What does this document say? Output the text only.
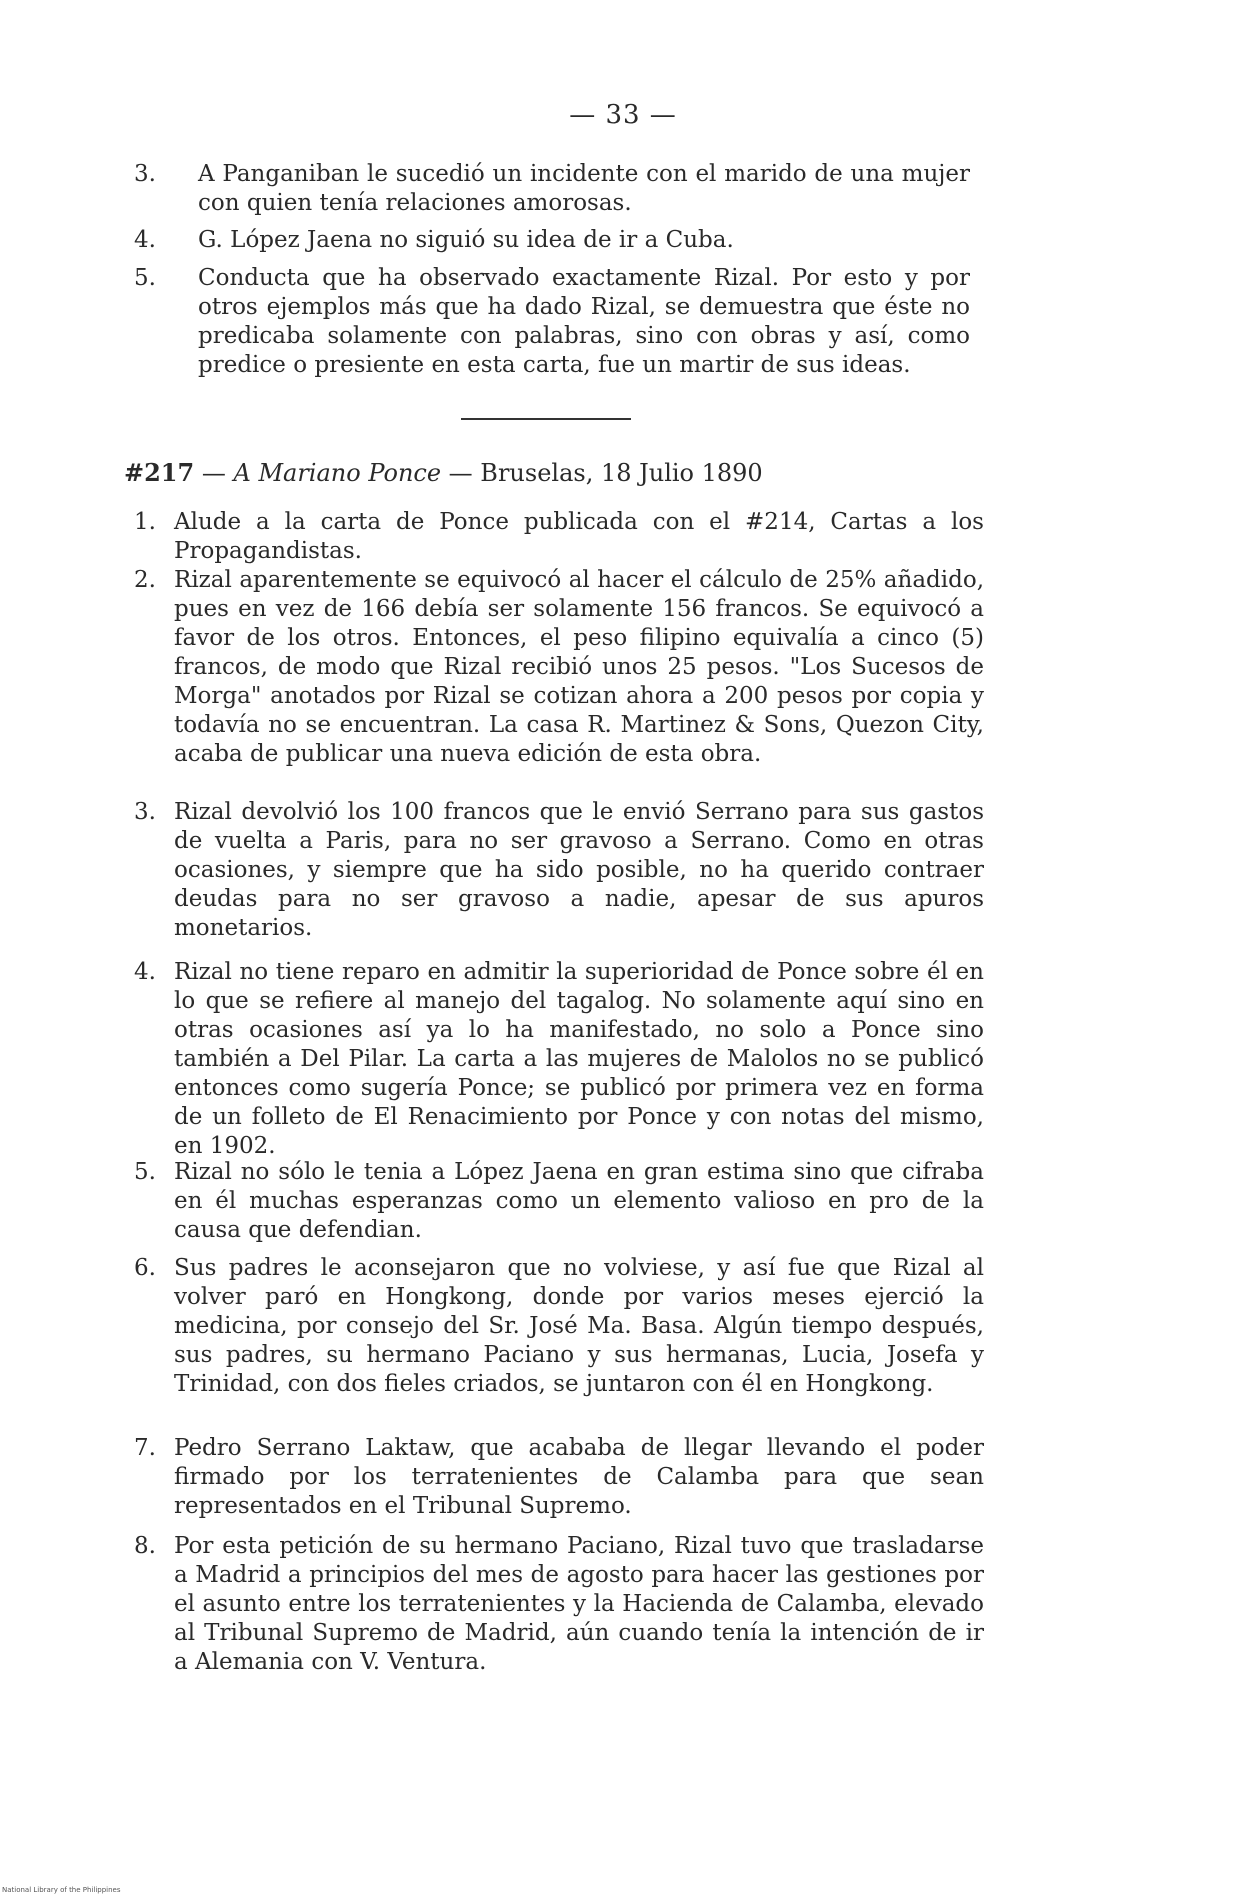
— 33 —
3. A Panganiban le sucedió un incidente con el marido de una mujer con quien tenía relaciones amorosas.
4. G. López Jaena no siguió su idea de ir a Cuba.
5. Conducta que ha observado exactamente Rizal. Por esto y por otros ejemplos más que ha dado Rizal, se demuestra que éste no predicaba solamente con palabras, sino con obras y así, como predice o presiente en esta carta, fue un martir de sus ideas.
#217 — A Mariano Ponce — Bruselas, 18 Julio 1890
1. Alude a la carta de Ponce publicada con el #214, Cartas a los Propagandistas.
2. Rizal aparentemente se equivocó al hacer el cálculo de 25% añadido, pues en vez de 166 debía ser solamente 156 francos. Se equivocó a favor de los otros. Entonces, el peso filipino equivalía a cinco (5) francos, de modo que Rizal recibió unos 25 pesos. "Los Sucesos de Morga" anotados por Rizal se cotizan ahora a 200 pesos por copia y todavía no se encuentran. La casa R. Martinez & Sons, Quezon City, acaba de publicar una nueva edición de esta obra.
3. Rizal devolvió los 100 francos que le envió Serrano para sus gastos de vuelta a Paris, para no ser gravoso a Serrano. Como en otras ocasiones, y siempre que ha sido posible, no ha querido contraer deudas para no ser gravoso a nadie, apesar de sus apuros monetarios.
4. Rizal no tiene reparo en admitir la superioridad de Ponce sobre él en lo que se refiere al manejo del tagalog. No solamente aquí sino en otras ocasiones así ya lo ha manifestado, no solo a Ponce sino también a Del Pilar. La carta a las mujeres de Malolos no se publicó entonces como sugería Ponce; se publicó por primera vez en forma de un folleto de El Renacimiento por Ponce y con notas del mismo, en 1902.
5. Rizal no sólo le tenia a López Jaena en gran estima sino que cifraba en él muchas esperanzas como un elemento valioso en pro de la causa que defendian.
6. Sus padres le aconsejaron que no volviese, y así fue que Rizal al volver paró en Hongkong, donde por varios meses ejerció la medicina, por consejo del Sr. José Ma. Basa. Algún tiempo después, sus padres, su hermano Paciano y sus hermanas, Lucia, Josefa y Trinidad, con dos fieles criados, se juntaron con él en Hongkong.
7. Pedro Serrano Laktaw, que acababa de llegar llevando el poder firmado por los terratenientes de Calamba para que sean representados en el Tribunal Supremo.
8. Por esta petición de su hermano Paciano, Rizal tuvo que trasladarse a Madrid a principios del mes de agosto para hacer las gestiones por el asunto entre los terratenientes y la Hacienda de Calamba, elevado al Tribunal Supremo de Madrid, aún cuando tenía la intención de ir a Alemania con V. Ventura.
National Library of the Philippines
